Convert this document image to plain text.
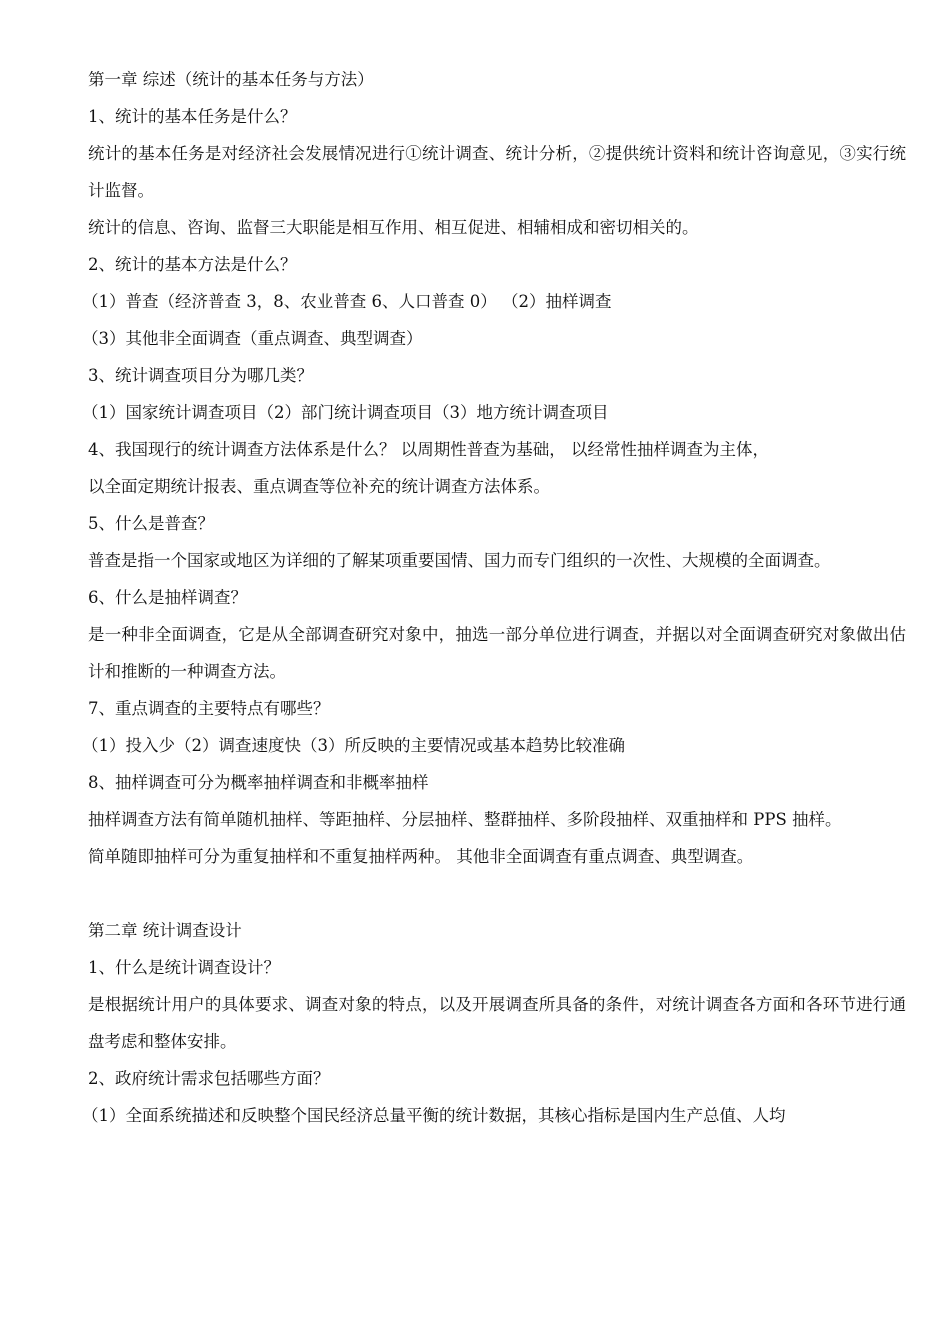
第一章 综述（统计的基本任务与方法）
1、统计的基本任务是什么？
统计的基本任务是对经济社会发展情况进行①统计调查、统计分析，②提供统计资料和统计咨询意见，③实行统计监督。
统计的信息、咨询、监督三大职能是相互作用、相互促进、相辅相成和密切相关的。
2、统计的基本方法是什么？
（1）普查（经济普查 3，8、农业普查 6、人口普查 0） （2）抽样调查
（3）其他非全面调查（重点调查、典型调查）
3、统计调查项目分为哪几类？
（1）国家统计调查项目（2）部门统计调查项目（3）地方统计调查项目
4、我国现行的统计调查方法体系是什么？ 以周期性普查为基础， 以经常性抽样调查为主体，
以全面定期统计报表、重点调查等位补充的统计调查方法体系。
5、什么是普查？
普查是指一个国家或地区为详细的了解某项重要国情、国力而专门组织的一次性、大规模的全面调查。
6、什么是抽样调查？
是一种非全面调查，它是从全部调查研究对象中，抽选一部分单位进行调查，并据以对全面调查研究对象做出估计和推断的一种调查方法。
7、重点调查的主要特点有哪些？
（1）投入少（2）调查速度快（3）所反映的主要情况或基本趋势比较准确
8、抽样调查可分为概率抽样调查和非概率抽样
抽样调查方法有简单随机抽样、等距抽样、分层抽样、整群抽样、多阶段抽样、双重抽样和 PPS 抽样。
简单随即抽样可分为重复抽样和不重复抽样两种。 其他非全面调查有重点调查、典型调查。
第二章 统计调查设计
1、什么是统计调查设计？
是根据统计用户的具体要求、调查对象的特点，以及开展调查所具备的条件，对统计调查各方面和各环节进行通盘考虑和整体安排。
2、政府统计需求包括哪些方面？
（1）全面系统描述和反映整个国民经济总量平衡的统计数据，其核心指标是国内生产总值、人均
